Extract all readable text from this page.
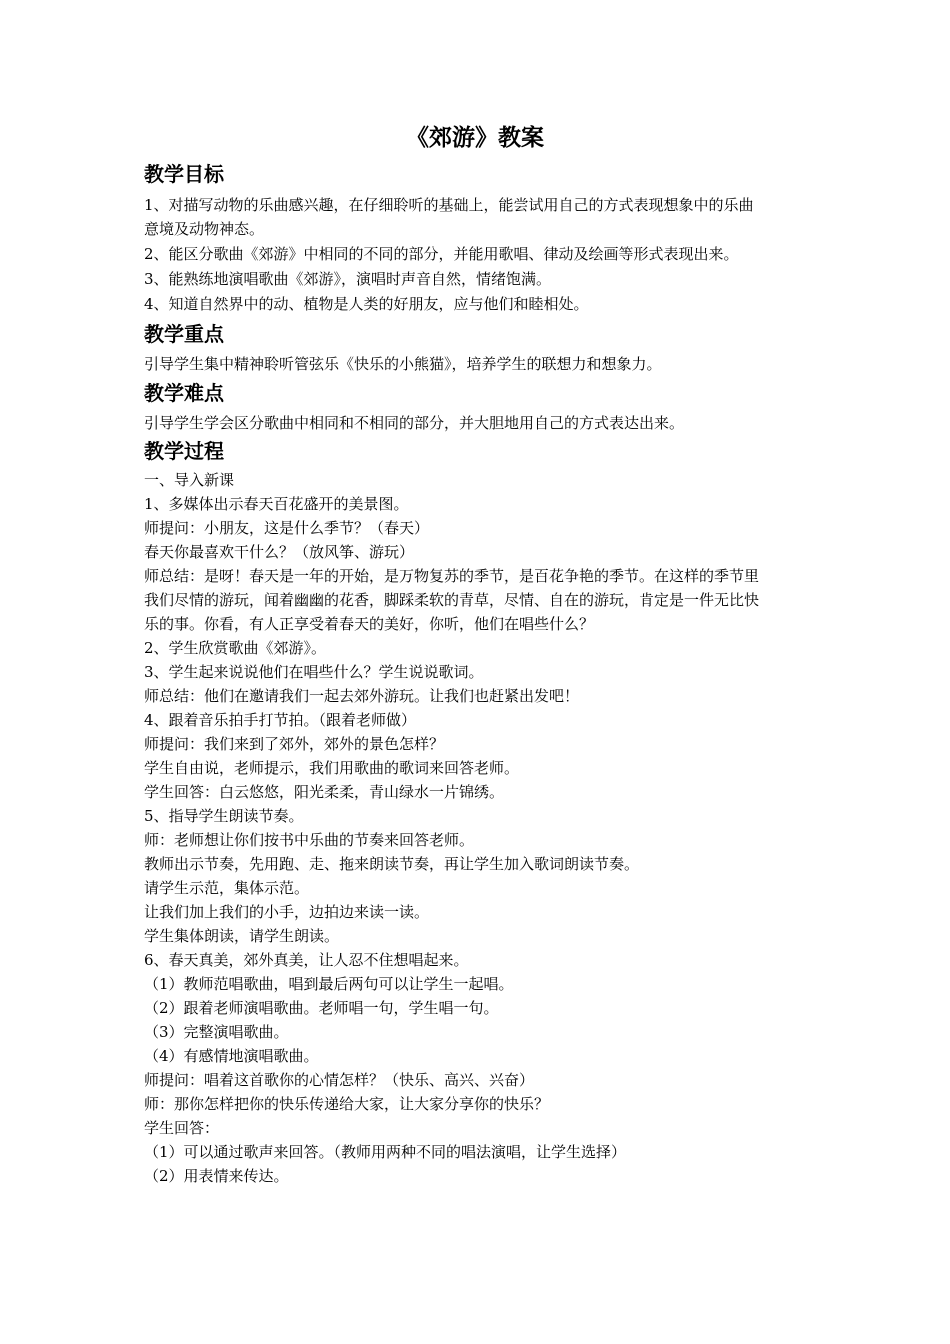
《郊游》教案
教学目标
1、对描写动物的乐曲感兴趣，在仔细聆听的基础上，能尝试用自己的方式表现想象中的乐曲
意境及动物神态。
2、能区分歌曲《郊游》中相同的不同的部分，并能用歌唱、律动及绘画等形式表现出来。
3、能熟练地演唱歌曲《郊游》，演唱时声音自然，情绪饱满。
4、知道自然界中的动、植物是人类的好朋友，应与他们和睦相处。
教学重点
引导学生集中精神聆听管弦乐《快乐的小熊猫》，培养学生的联想力和想象力。
教学难点
引导学生学会区分歌曲中相同和不相同的部分，并大胆地用自己的方式表达出来。
教学过程
一、导入新课
1、多媒体出示春天百花盛开的美景图。
师提问：小朋友，这是什么季节？（春天）
春天你最喜欢干什么？（放风筝、游玩）
师总结：是呀！春天是一年的开始，是万物复苏的季节，是百花争艳的季节。在这样的季节里
我们尽情的游玩，闻着幽幽的花香，脚踩柔软的青草，尽情、自在的游玩，肯定是一件无比快
乐的事。你看，有人正享受着春天的美好，你听，他们在唱些什么？
2、学生欣赏歌曲《郊游》。
3、学生起来说说他们在唱些什么？学生说说歌词。
师总结：他们在邀请我们一起去郊外游玩。让我们也赶紧出发吧！
4、跟着音乐拍手打节拍。（跟着老师做）
师提问：我们来到了郊外，郊外的景色怎样？
学生自由说，老师提示，我们用歌曲的歌词来回答老师。
学生回答：白云悠悠，阳光柔柔，青山绿水一片锦绣。
5、指导学生朗读节奏。
师：老师想让你们按书中乐曲的节奏来回答老师。
教师出示节奏，先用跑、走、拖来朗读节奏，再让学生加入歌词朗读节奏。
请学生示范，集体示范。
让我们加上我们的小手，边拍边来读一读。
学生集体朗读，请学生朗读。
6、春天真美，郊外真美，让人忍不住想唱起来。
（1）教师范唱歌曲，唱到最后两句可以让学生一起唱。
（2）跟着老师演唱歌曲。老师唱一句，学生唱一句。
（3）完整演唱歌曲。
（4）有感情地演唱歌曲。
师提问：唱着这首歌你的心情怎样？（快乐、高兴、兴奋）
师：那你怎样把你的快乐传递给大家，让大家分享你的快乐？
学生回答：
（1）可以通过歌声来回答。（教师用两种不同的唱法演唱，让学生选择）
（2）用表情来传达。
